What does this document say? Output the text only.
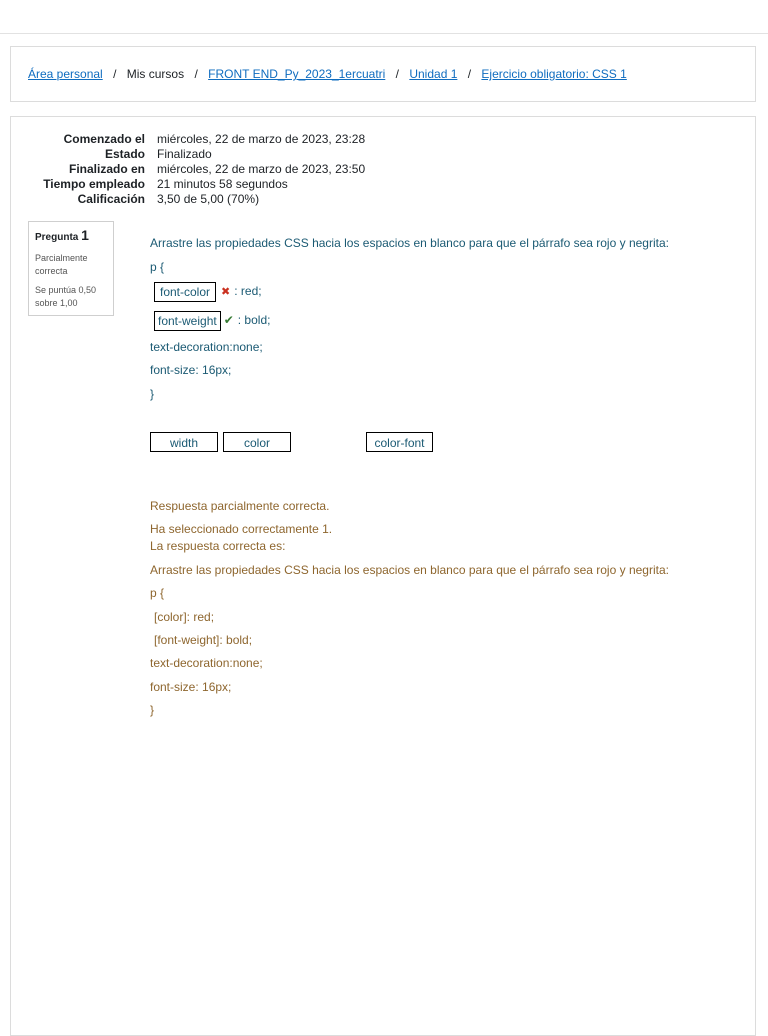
Área personal / Mis cursos / FRONT END_Py_2023_1ercuatri / Unidad 1 / Ejercicio obligatorio: CSS 1
Comenzado el	miércoles, 22 de marzo de 2023, 23:28
Estado	Finalizado
Finalizado en	miércoles, 22 de marzo de 2023, 23:50
Tiempo empleado	21 minutos 58 segundos
Calificación	3,50 de 5,00 (70%)
Pregunta 1
Parcialmente correcta
Se puntúa 0,50 sobre 1,00
Arrastre las propiedades CSS hacia los espacios en blanco para que el párrafo sea rojo y negrita:
p {
font-color ✖ : red;
font-weight ✔ : bold;
text-decoration:none;
font-size: 16px;
}
width	color	color-font
Respuesta parcialmente correcta.
Ha seleccionado correctamente 1.
La respuesta correcta es:
Arrastre las propiedades CSS hacia los espacios en blanco para que el párrafo sea rojo y negrita:
p {
[color]: red;
[font-weight]: bold;
text-decoration:none;
font-size: 16px;
}
